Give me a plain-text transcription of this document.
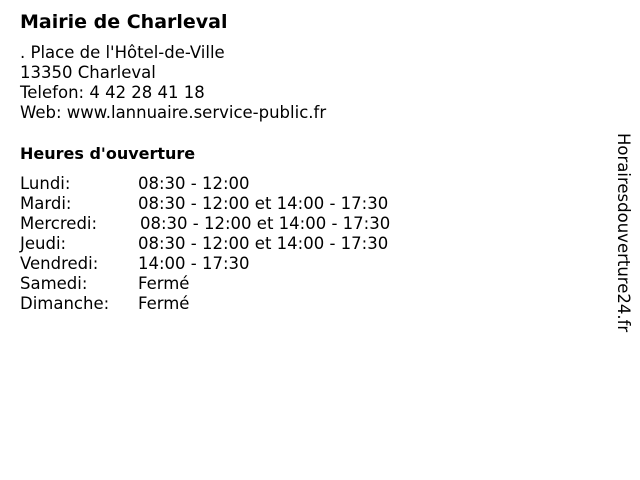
Mairie de Charleval
. Place de l'Hôtel-de-Ville
13350 Charleval
Telefon: 4 42 28 41 18
Web: www.lannuaire.service-public.fr
Heures d'ouverture
Lundi:	08:30 - 12:00
Mardi:	08:30 - 12:00 et 14:00 - 17:30
Mercredi:	08:30 - 12:00 et 14:00 - 17:30
Jeudi:	08:30 - 12:00 et 14:00 - 17:30
Vendredi:	14:00 - 17:30
Samedi:	Fermé
Dimanche:	Fermé	Horairesdouverture24.fr
